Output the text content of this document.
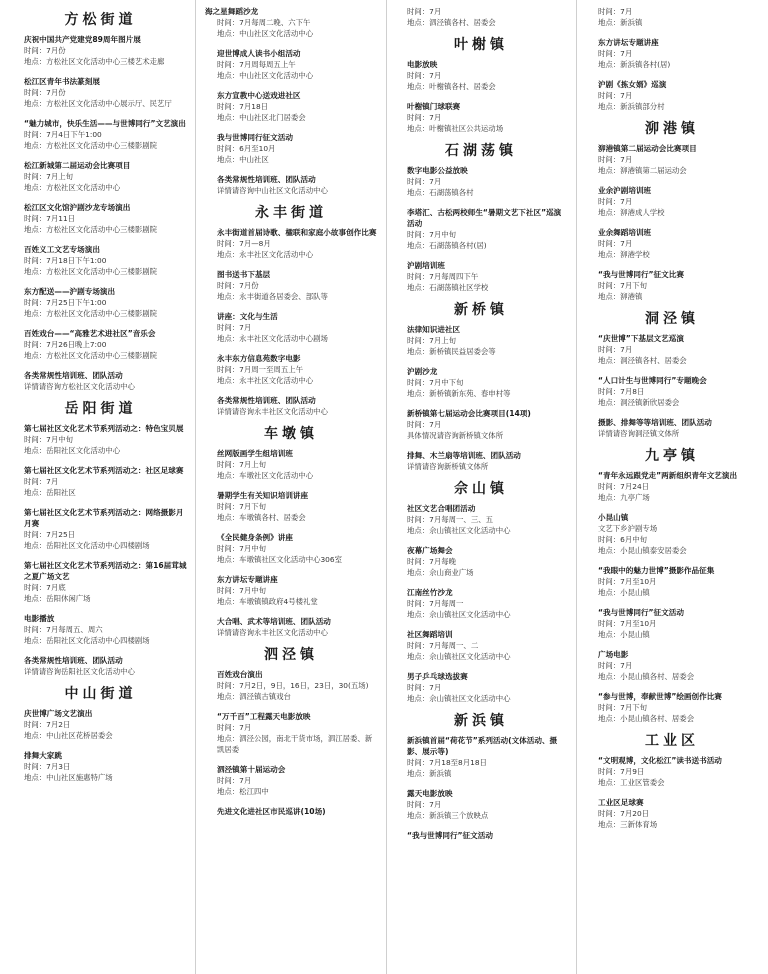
方松街道
庆祝中国共产党建党89周年图片展
时间：7月份
地点：方松社区文化活动中心三楼艺术走廊
松江区青年书法篆刻展
时间：7月份
地点：方松社区文化活动中心展示厅、民艺厅
“魅力城市，快乐生活——与世博同行”文艺演出
时间：7月4日下午1:00
地点：方松社区文化活动中心三楼影剧院
松江新城第二届运动会比赛项目
时间：7月上旬
地点：方松社区文化活动中心
松江区文化馆沪剧沙龙专场演出
时间：7月11日
地点：方松社区文化活动中心三楼影剧院
百姓义工文艺专场演出
时间：7月18日下午1:00
地点：方松社区文化活动中心三楼影剧院
东方配送——沪剧专场演出
时间：7月25日下午1:00
地点：方松社区文化活动中心三楼影剧院
百姓戏台——“高雅艺术进社区”音乐会
时间：7月26日晚上7:00
地点：方松社区文化活动中心三楼影剧院
各类常规性培训班、团队活动
详情请咨询方松社区文化活动中心
岳阳街道
第七届社区文化艺术节系列活动之：特色宝贝展
时间：7月中旬
地点：岳阳社区文化活动中心
第七届社区文化艺术节系列活动之：社区足球赛
时间：7月
地点：岳阳社区
第七届社区文化艺术节系列活动之：网络摄影月月赛
时间：7月25日
地点：岳阳社区文化活动中心四楼剧场
第七届社区文化艺术节系列活动之：第16届茸城之夏广场文艺
时间：7月底
地点：岳阳休闲广场
电影播放
时间：7月每周五、周六
地点：岳阳社区文化活动中心四楼剧场
各类常规性培训班、团队活动
详情请咨询岳阳社区文化活动中心
中山街道
庆世博广场文艺演出
时间：7月2日
地点：中山社区花桥居委会
排舞大家跳
时间：7月3日
地点：中山社区施惠特广场
海之星舞蹈沙龙
时间：7月每周二晚、六下午
地点：中山社区文化活动中心
迎世博成人读书小组活动
时间：7月周每周五上午
地点：中山社区文化活动中心
东方宣教中心送戏进社区
时间：7月18日
地点：中山社区北门居委会
我与世博同行征文活动
时间：6月至10月
地点：中山社区
各类常规性培训班、团队活动
详情请咨询中山社区文化活动中心
永丰街道
永丰街道首届诗歌、楹联和家庭小故事创作比赛
时间：7月—8月
地点：永丰社区文化活动中心
图书送书下基层
时间：7月份
地点：永丰街道各居委会、部队等
讲座：文化与生活
时间：7月
地点：永丰社区文化活动中心剧场
永丰东方信息苑数字电影
时间：7月周一至周五上午
地点：永丰社区文化活动中心
各类常规性培训班、团队活动
详情请咨询永丰社区文化活动中心
车墩镇
丝网版画学生组培训班
时间：7月上旬
地点：车墩社区文化活动中心
暑期学生有关知识培训讲座
时间：7月下旬
地点：车墩镇各村、居委会
《全民健身条例》讲座
时间：7月中旬
地点：车墩镇社区文化活动中心306室
东方讲坛专题讲座
时间：7月中旬
地点：车墩镇镇政府4号楼礼堂
大合唱、武术等培训班、团队活动
详情请咨询永丰社区文化活动中心
泗泾镇
百姓戏台演出
时间：7月2日，9日，16日，23日，30(五场)
地点：泗泾镇古镇戏台
“万千百”工程露天电影放映
时间：7月
地点：泗泾公园，南北干货市场，泗江居委、新凯居委
泗泾镇第十届运动会
时间：7月
地点：松江四中
先进文化进社区市民巡讲(10场)
时间：7月
地点：泗泾镇各村、居委会
叶榭镇
电影放映
时间：7月
地点：叶榭镇各村、居委会
叶榭镇门球联赛
时间：7月
地点：叶榭镇社区公共运动场
石湖荡镇
数字电影公益放映
时间：7月
地点：石湖荡镇各村
李塔汇、古松两校师生“暑期文艺下社区”巡演活动
时间：7月中旬
地点：石湖荡镇各村(居)
沪剧培训班
时间：7月每周四下午
地点：石湖荡镇社区学校
新桥镇
法律知识进社区
时间：7月上旬
地点：新桥镇民益居委会等
沪剧沙龙
时间：7月中下旬
地点：新桥镇新东苑、春申村等
新桥镇第七届运动会比赛项目(14项)
时间：7月
具体情况请咨询新桥镇文体所
排舞、木兰扇等培训班、团队活动
详情请咨询新桥镇文体所
佘山镇
社区文艺合唱团活动
时间：7月每周一、三、五
地点：佘山镇社区文化活动中心
夜幕广场舞会
时间：7月每晚
地点：佘山商业广场
江南丝竹沙龙
时间：7月每周一
地点：佘山镇社区文化活动中心
社区舞蹈培训
时间：7月每周一、二
地点：佘山镇社区文化活动中心
男子乒乓球选拔赛
时间：7月
地点：佘山镇社区文化活动中心
新浜镇
新浜镇首届“荷花节”系列活动(文体活动、摄影、展示等)
时间：7月18至8月18日
地点：新浜镇
露天电影放映
时间：7月
地点：新浜镇三个放映点
“我与世博同行”征文活动
时间：7月
地点：新浜镇
东方讲坛专题讲座
时间：7月
地点：新浜镇各村(居)
沪剧《拣女婿》巡演
时间：7月
地点：新浜镇部分村
泖港镇
泖港镇第二届运动会比赛项目
时间：7月
地点：泖港镇第二届运动会
业余沪剧培训班
时间：7月
地点：泖港成人学校
业余舞蹈培训班
时间：7月
地点：泖港学校
“我与世博同行”征文比赛
时间：7月下旬
地点：泖港镇
洞泾镇
“庆世博”下基层文艺巡演
时间：7月
地点：洞泾镇各村、居委会
“人口计生与世博同行”专题晚会
时间：7月8日
地点：洞泾镇新欣居委会
摄影、排舞等等培训班、团队活动
详情请咨询洞泾镇文体所
九亭镇
“青年永远跟党走”两新组织青年文艺演出
时间：7月24日
地点：九亭广场
小昆山镇
文艺下乡沪剧专场
时间：6月中旬
地点：小昆山镇泰安居委会
“我眼中的魅力世博”摄影作品征集
时间：7月至10月
地点：小昆山镇
“我与世博同行”征文活动
时间：7月至10月
地点：小昆山镇
广场电影
时间：7月
地点：小昆山镇各村、居委会
“参与世博，奉献世博”绘画创作比赛
时间：7月下旬
地点：小昆山镇各村、居委会
工业区
“文明观博，文化松江”读书送书活动
时间：7月9日
地点：工业区管委会
工业区足球赛
时间：7月20日
地点：三新体育场
